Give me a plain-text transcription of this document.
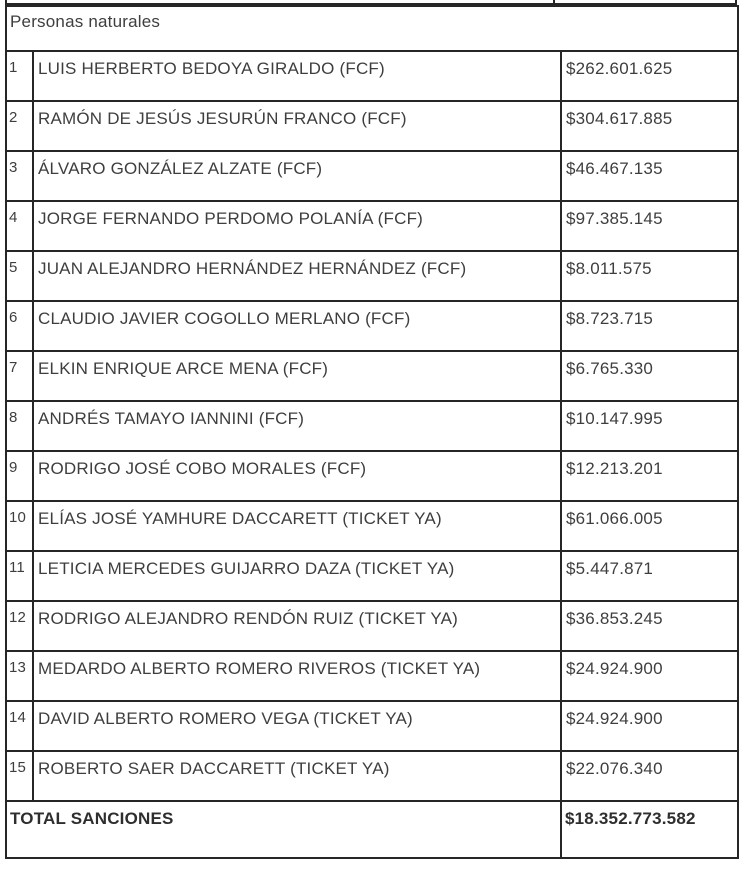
Personas naturales		
1	LUIS HERBERTO BEDOYA GIRALDO (FCF)	$262.601.625
2	RAMÓN DE JESÚS JESURÚN FRANCO (FCF)	$304.617.885
3	ÁLVARO GONZÁLEZ ALZATE (FCF)	$46.467.135
4	JORGE FERNANDO PERDOMO POLANÍA (FCF)	$97.385.145
5	JUAN ALEJANDRO HERNÁNDEZ HERNÁNDEZ (FCF)	$8.011.575
6	CLAUDIO JAVIER COGOLLO MERLANO (FCF)	$8.723.715
7	ELKIN ENRIQUE ARCE MENA (FCF)	$6.765.330
8	ANDRÉS TAMAYO IANNINI (FCF)	$10.147.995
9	RODRIGO JOSÉ COBO MORALES (FCF)	$12.213.201
10	ELÍAS JOSÉ YAMHURE DACCARETT (TICKET YA)	$61.066.005
11	LETICIA MERCEDES GUIJARRO DAZA (TICKET YA)	$5.447.871
12	RODRIGO ALEJANDRO RENDÓN RUIZ (TICKET YA)	$36.853.245
13	MEDARDO ALBERTO ROMERO RIVEROS (TICKET YA)	$24.924.900
14	DAVID ALBERTO ROMERO VEGA (TICKET YA)	$24.924.900
15	ROBERTO SAER DACCARETT (TICKET YA)	$22.076.340
TOTAL SANCIONES		$18.352.773.582
